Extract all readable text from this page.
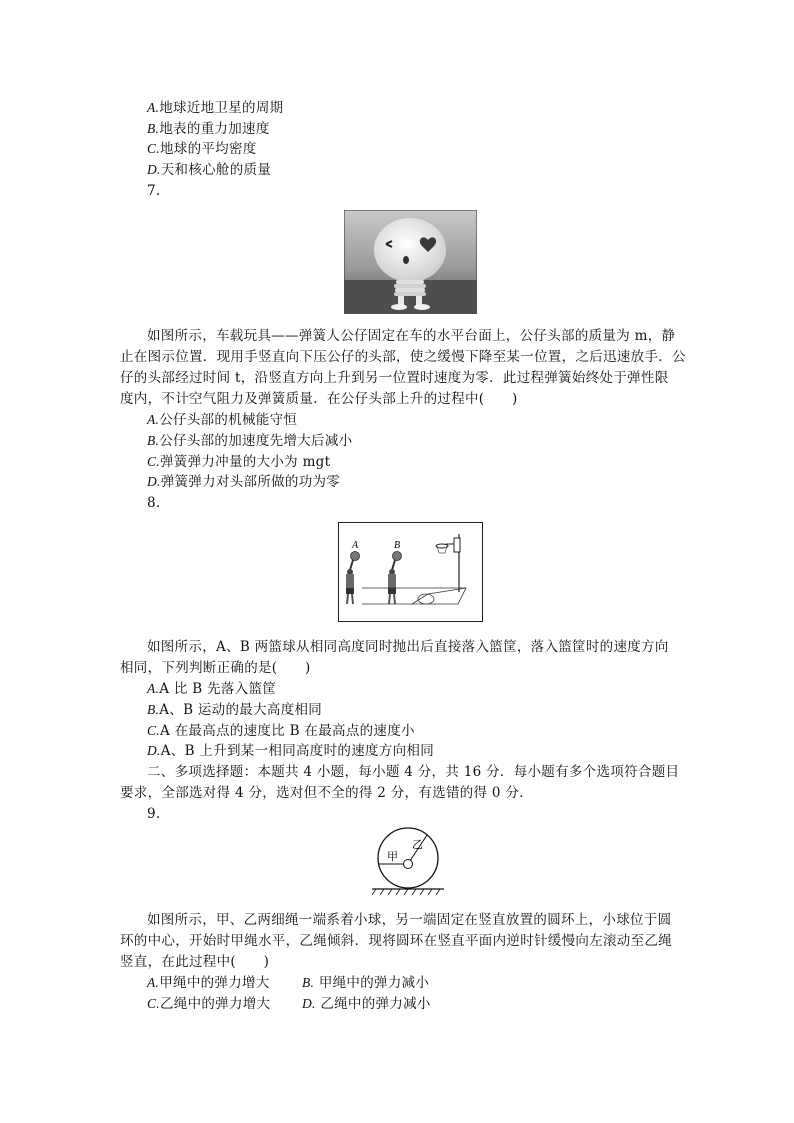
A.地球近地卫星的周期
B.地表的重力加速度
C.地球的平均密度
D.天和核心舱的质量
7.
如图所示，车载玩具——弹簧人公仔固定在车的水平台面上，公仔头部的质量为 m，静
止在图示位置．现用手竖直向下压公仔的头部，使之缓慢下降至某一位置，之后迅速放手．公
仔的头部经过时间 t，沿竖直方向上升到另一位置时速度为零．此过程弹簧始终处于弹性限
度内，不计空气阻力及弹簧质量．在公仔头部上升的过程中(　　)
A.公仔头部的机械能守恒
B.公仔头部的加速度先增大后减小
C.弹簧弹力冲量的大小为 mgt
D.弹簧弹力对头部所做的功为零
8.
A	B
如图所示，A、B 两篮球从相同高度同时抛出后直接落入篮筐，落入篮筐时的速度方向
相同，下列判断正确的是(　　)
A.A 比 B 先落入篮筐
B.A、B 运动的最大高度相同
C.A 在最高点的速度比 B 在最高点的速度小
D.A、B 上升到某一相同高度时的速度方向相同
二、多项选择题：本题共 4 小题，每小题 4 分，共 16 分．每小题有多个选项符合题目
要求，全部选对得 4 分，选对但不全的得 2 分，有选错的得 0 分．
9.
甲
乙
如图所示，甲、乙两细绳一端系着小球，另一端固定在竖直放置的圆环上，小球位于圆
环的中心，开始时甲绳水平，乙绳倾斜．现将圆环在竖直平面内逆时针缓慢向左滚动至乙绳
竖直，在此过程中(　　)
A.甲绳中的弹力增大 B. 甲绳中的弹力减小
C.乙绳中的弹力增大 D. 乙绳中的弹力减小
